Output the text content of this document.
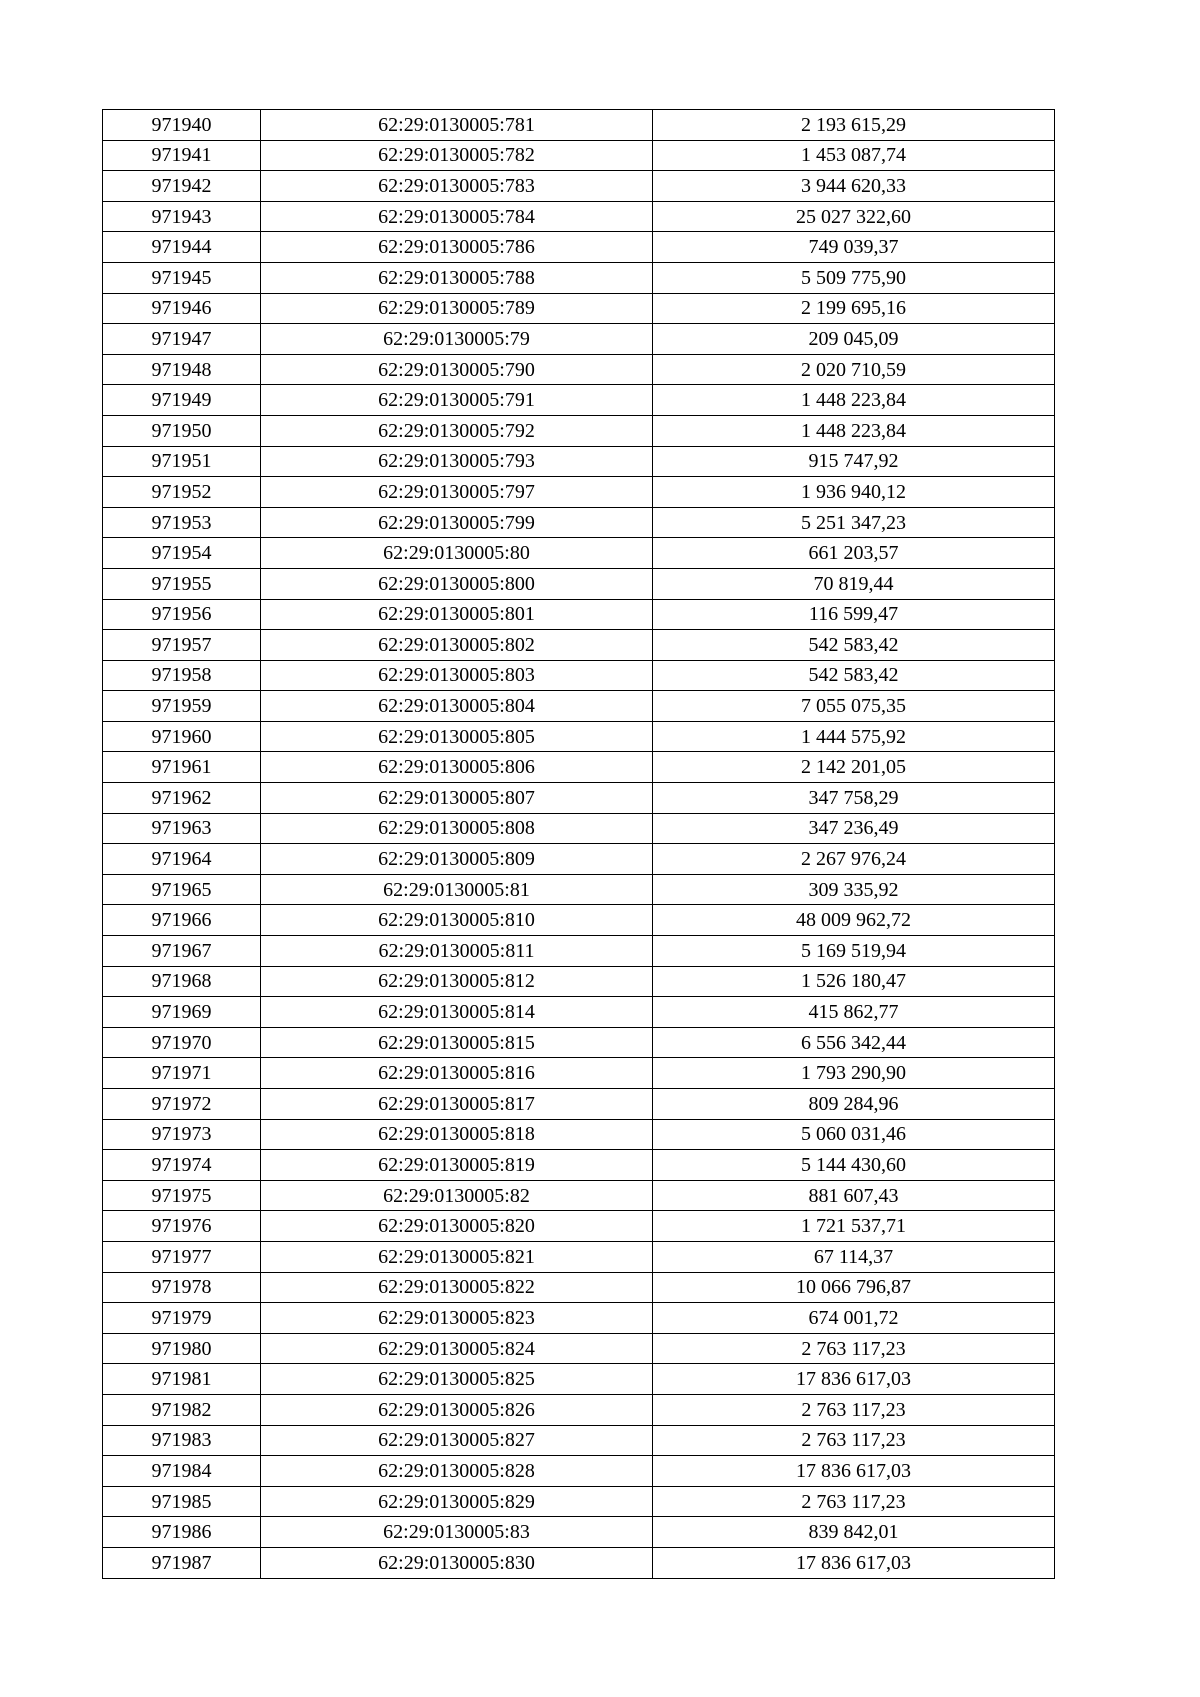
971940	62:29:0130005:781	2 193 615,29
971941	62:29:0130005:782	1 453 087,74
971942	62:29:0130005:783	3 944 620,33
971943	62:29:0130005:784	25 027 322,60
971944	62:29:0130005:786	749 039,37
971945	62:29:0130005:788	5 509 775,90
971946	62:29:0130005:789	2 199 695,16
971947	62:29:0130005:79	209 045,09
971948	62:29:0130005:790	2 020 710,59
971949	62:29:0130005:791	1 448 223,84
971950	62:29:0130005:792	1 448 223,84
971951	62:29:0130005:793	915 747,92
971952	62:29:0130005:797	1 936 940,12
971953	62:29:0130005:799	5 251 347,23
971954	62:29:0130005:80	661 203,57
971955	62:29:0130005:800	70 819,44
971956	62:29:0130005:801	116 599,47
971957	62:29:0130005:802	542 583,42
971958	62:29:0130005:803	542 583,42
971959	62:29:0130005:804	7 055 075,35
971960	62:29:0130005:805	1 444 575,92
971961	62:29:0130005:806	2 142 201,05
971962	62:29:0130005:807	347 758,29
971963	62:29:0130005:808	347 236,49
971964	62:29:0130005:809	2 267 976,24
971965	62:29:0130005:81	309 335,92
971966	62:29:0130005:810	48 009 962,72
971967	62:29:0130005:811	5 169 519,94
971968	62:29:0130005:812	1 526 180,47
971969	62:29:0130005:814	415 862,77
971970	62:29:0130005:815	6 556 342,44
971971	62:29:0130005:816	1 793 290,90
971972	62:29:0130005:817	809 284,96
971973	62:29:0130005:818	5 060 031,46
971974	62:29:0130005:819	5 144 430,60
971975	62:29:0130005:82	881 607,43
971976	62:29:0130005:820	1 721 537,71
971977	62:29:0130005:821	67 114,37
971978	62:29:0130005:822	10 066 796,87
971979	62:29:0130005:823	674 001,72
971980	62:29:0130005:824	2 763 117,23
971981	62:29:0130005:825	17 836 617,03
971982	62:29:0130005:826	2 763 117,23
971983	62:29:0130005:827	2 763 117,23
971984	62:29:0130005:828	17 836 617,03
971985	62:29:0130005:829	2 763 117,23
971986	62:29:0130005:83	839 842,01
971987	62:29:0130005:830	17 836 617,03
